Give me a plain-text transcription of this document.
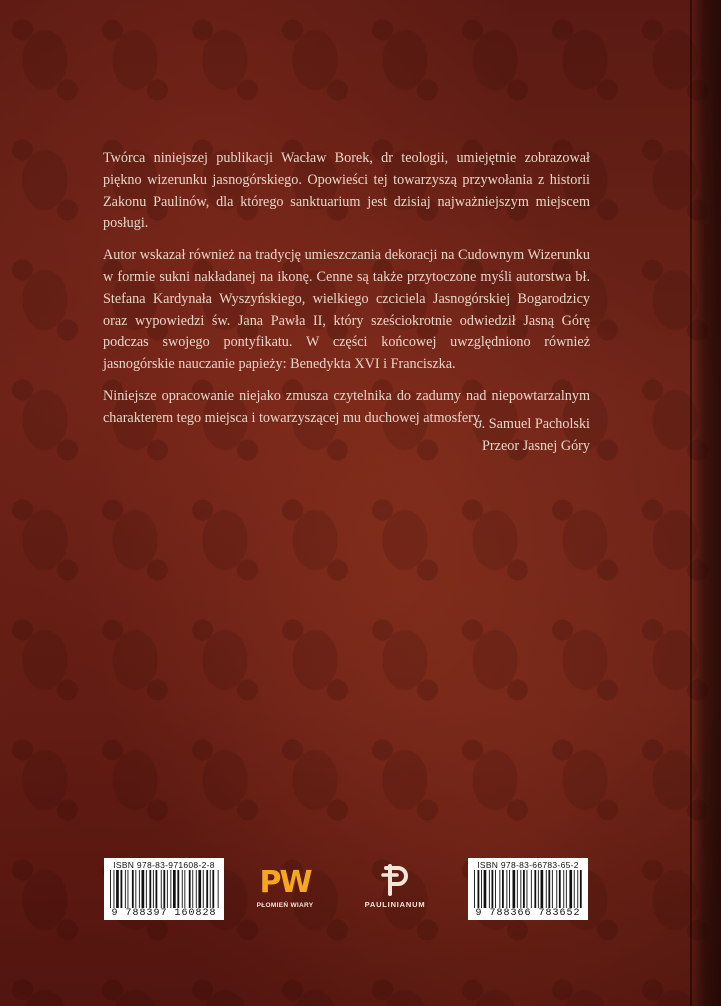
Twórca niniejszej publikacji Wacław Borek, dr teologii, umiejętnie zobrazował piękno wizerunku jasnogórskiego. Opowieści tej towarzyszą przywołania z historii Zakonu Paulinów, dla którego sanktuarium jest dzisiaj najważniejszym miejscem posługi.

Autor wskazał również na tradycję umieszczania dekoracji na Cudownym Wizerunku w formie sukni nakładanej na ikonę. Cenne są także przytoczone myśli autorstwa bł. Stefana Kardynała Wyszyńskiego, wielkiego czciciela Jasnogórskiej Bogarodzicy oraz wypowiedzi św. Jana Pawła II, który sześciokrotnie odwiedził Jasną Górę podczas swojego pontyfikatu. W części końcowej uwzględniono również jasnogórskie nauczanie papieży: Benedykta XVI i Franciszka.

Niniejsze opracowanie niejako zmusza czytelnika do zadumy nad niepowtarzalnym charakterem tego miejsca i towarzyszącej mu duchowej atmosfery.

o. Samuel Pacholski
Przeor Jasnej Góry
ISBN 978-83-971608-2-8
9 788397 160828
PW
PŁOMIEŃ WIARY	PAULINIANUM
ISBN 978-83-66783-65-2
9 788366 783652
